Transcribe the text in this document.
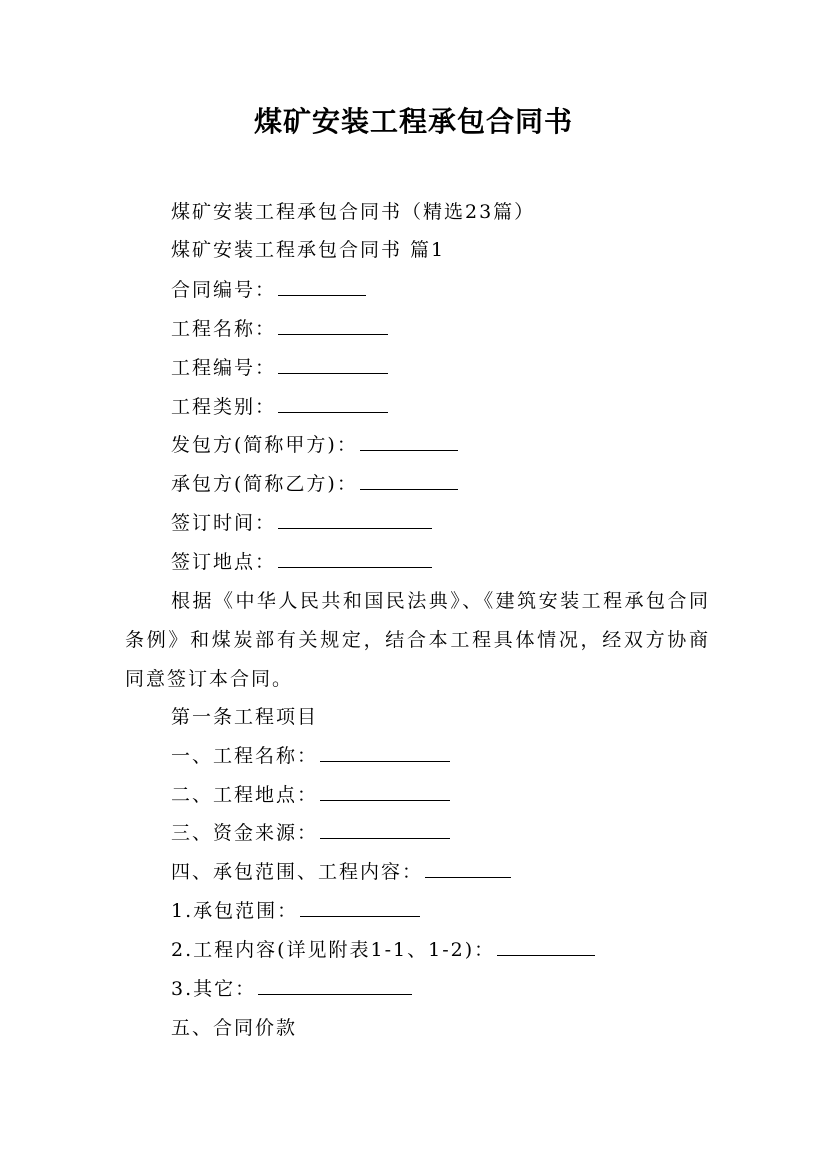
煤矿安装工程承包合同书
煤矿安装工程承包合同书（精选23篇）
煤矿安装工程承包合同书 篇1
合同编号：
工程名称：
工程编号：
工程类别：
发包方(简称甲方)：
承包方(简称乙方)：
签订时间：
签订地点：
根据《中华人民共和国民法典》、《建筑安装工程承包合同条例》和煤炭部有关规定，结合本工程具体情况，经双方协商同意签订本合同。
第一条工程项目
一、工程名称：
二、工程地点：
三、资金来源：
四、承包范围、工程内容：
1.承包范围：
2.工程内容(详见附表1-1、1-2)：
3.其它：
五、合同价款
